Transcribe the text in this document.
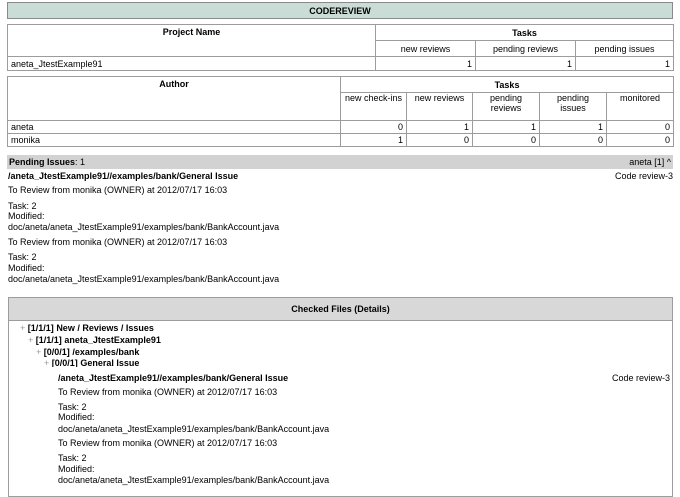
CODEREVIEW
Project Name	Tasks		
	new reviews	pending reviews	pending issues
aneta_JtestExample91	1	1	1
Author	Tasks				
	new check-ins	new reviews	pending reviews	pending issues	monitored
aneta	0	1	1	1	0
monika	1	0	0	0	0
Pending Issues: 1	aneta [1] ^
/aneta_JtestExample91//examples/bank/General Issue	Code review-3
To Review from monika (OWNER) at 2012/07/17 16:03
Task: 2
Modified:
doc/aneta/aneta_JtestExample91/examples/bank/BankAccount.java
To Review from monika (OWNER) at 2012/07/17 16:03
Task: 2
Modified:
doc/aneta/aneta_JtestExample91/examples/bank/BankAccount.java
Checked Files (Details)
+ [1/1/1] New / Reviews / Issues
+ [1/1/1] aneta_JtestExample91
+ [0/0/1] /examples/bank
+ [0/0/1] General Issue
/aneta_JtestExample91//examples/bank/General Issue	Code review-3
To Review from monika (OWNER) at 2012/07/17 16:03
Task: 2
Modified:
doc/aneta/aneta_JtestExample91/examples/bank/BankAccount.java
To Review from monika (OWNER) at 2012/07/17 16:03
Task: 2
Modified:
doc/aneta/aneta_JtestExample91/examples/bank/BankAccount.java
